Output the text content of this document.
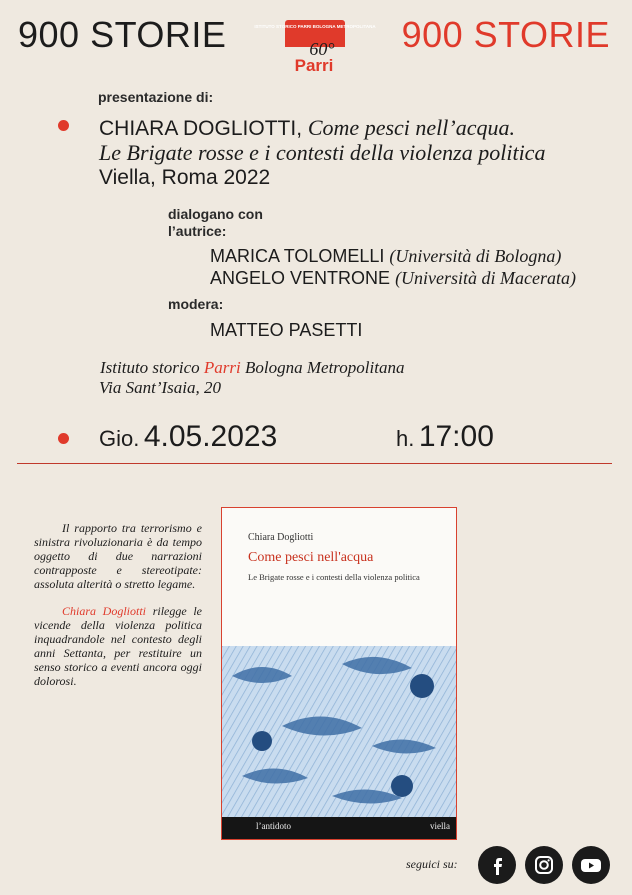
900 STORIE	900 STORIE
ISTITUTO STORICO PARRI BOLOGNA METROPOLITANA
60°
Parri
presentazione di:
CHIARA DOGLIOTTI, Come pesci nell’acqua.
Le Brigate rosse e i contesti della violenza politica
Viella, Roma 2022
dialogano con
l’autrice:
MARICA TOLOMELLI (Università di Bologna)
ANGELO VENTRONE (Università di Macerata)
modera:
MATTEO PASETTI
Istituto storico Parri Bologna Metropolitana
Via Sant’Isaia, 20
Gio. 4.05.2023	h. 17:00
Il rapporto tra terrorismo e sinistra rivoluzionaria è da tempo oggetto di due narrazioni contrapposte e stereotipate: assoluta alterità o stretto legame.
Chiara Dogliotti rilegge le vicende della violenza politica inquadrandole nel contesto degli anni Settanta, per restituire un senso storico a eventi ancora oggi dolorosi.
Chiara Dogliotti
Come pesci nell'acqua
Le Brigate rosse e i contesti della violenza politica
l’antidoto	viella
seguici su:
